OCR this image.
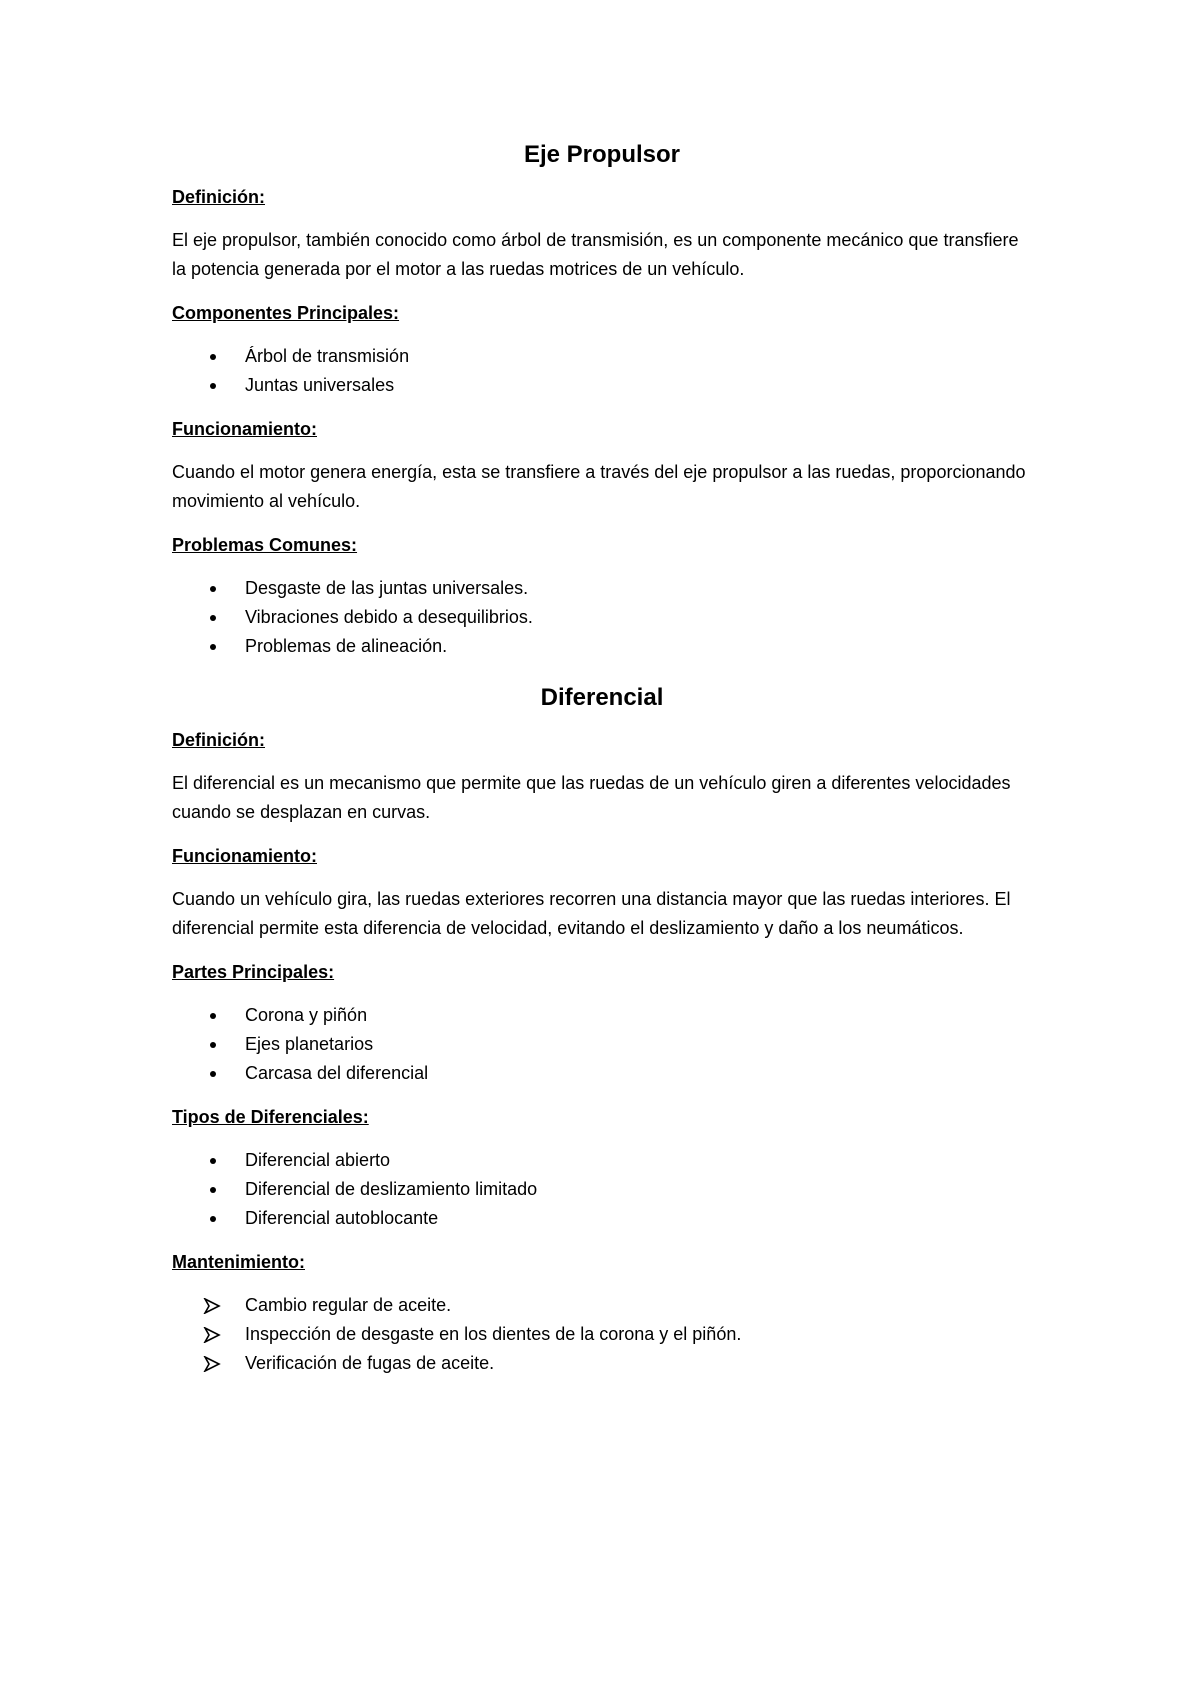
Eje Propulsor

Definición:

El eje propulsor, también conocido como árbol de transmisión, es un componente mecánico que transfiere la potencia generada por el motor a las ruedas motrices de un vehículo.

Componentes Principales:

Árbol de transmisión
Juntas universales

Funcionamiento:

Cuando el motor genera energía, esta se transfiere a través del eje propulsor a las ruedas, proporcionando movimiento al vehículo.

Problemas Comunes:

Desgaste de las juntas universales.
Vibraciones debido a desequilibrios.
Problemas de alineación.
Diferencial

Definición:

El diferencial es un mecanismo que permite que las ruedas de un vehículo giren a diferentes velocidades cuando se desplazan en curvas.

Funcionamiento:

Cuando un vehículo gira, las ruedas exteriores recorren una distancia mayor que las ruedas interiores. El diferencial permite esta diferencia de velocidad, evitando el deslizamiento y daño a los neumáticos.

Partes Principales:

Corona y piñón
Ejes planetarios
Carcasa del diferencial

Tipos de Diferenciales:

Diferencial abierto
Diferencial de deslizamiento limitado
Diferencial autoblocante

Mantenimiento:

Cambio regular de aceite.
Inspección de desgaste en los dientes de la corona y el piñón.
Verificación de fugas de aceite.
